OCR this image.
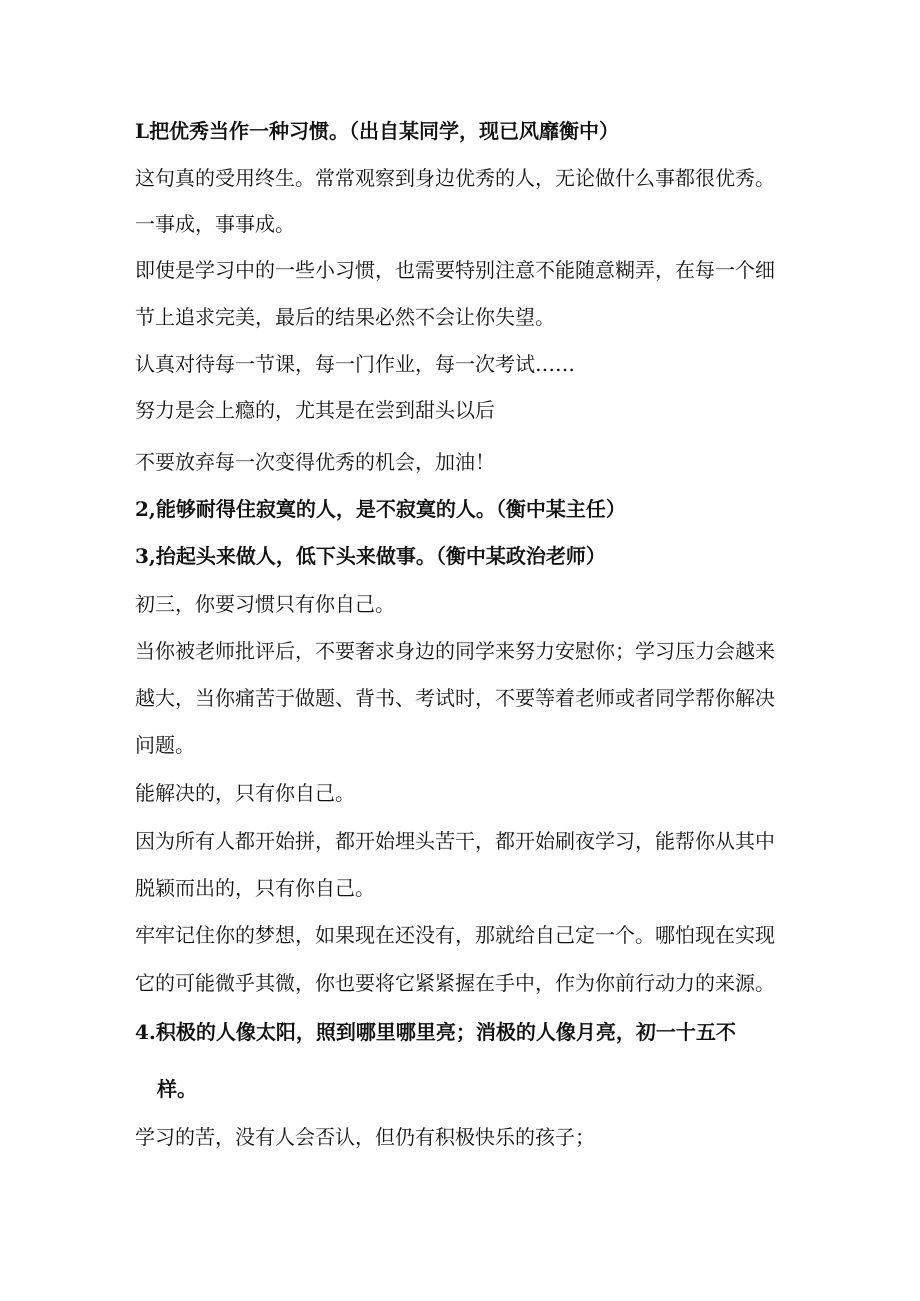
L把优秀当作一种习惯。（出自某同学，现已风靡衡中）
这句真的受用终生。常常观察到身边优秀的人，无论做什么事都很优秀。
一事成，事事成。
即使是学习中的一些小习惯，也需要特别注意不能随意糊弄，在每一个细
节上追求完美，最后的结果必然不会让你失望。
认真对待每一节课，每一门作业，每一次考试……
努力是会上瘾的，尤其是在尝到甜头以后
不要放弃每一次变得优秀的机会，加油！
2,能够耐得住寂寞的人，是不寂寞的人。（衡中某主任）
3,抬起头来做人，低下头来做事。（衡中某政治老师）
初三，你要习惯只有你自己。
当你被老师批评后，不要奢求身边的同学来努力安慰你；学习压力会越来
越大，当你痛苦于做题、背书、考试时，不要等着老师或者同学帮你解决
问题。
能解决的，只有你自己。
因为所有人都开始拼，都开始埋头苦干，都开始刷夜学习，能帮你从其中
脱颖而出的，只有你自己。
牢牢记住你的梦想，如果现在还没有，那就给自己定一个。哪怕现在实现
它的可能微乎其微，你也要将它紧紧握在手中，作为你前行动力的来源。
4.积极的人像太阳，照到哪里哪里亮；消极的人像月亮，初一十五不
样。
学习的苦，没有人会否认，但仍有积极快乐的孩子；
